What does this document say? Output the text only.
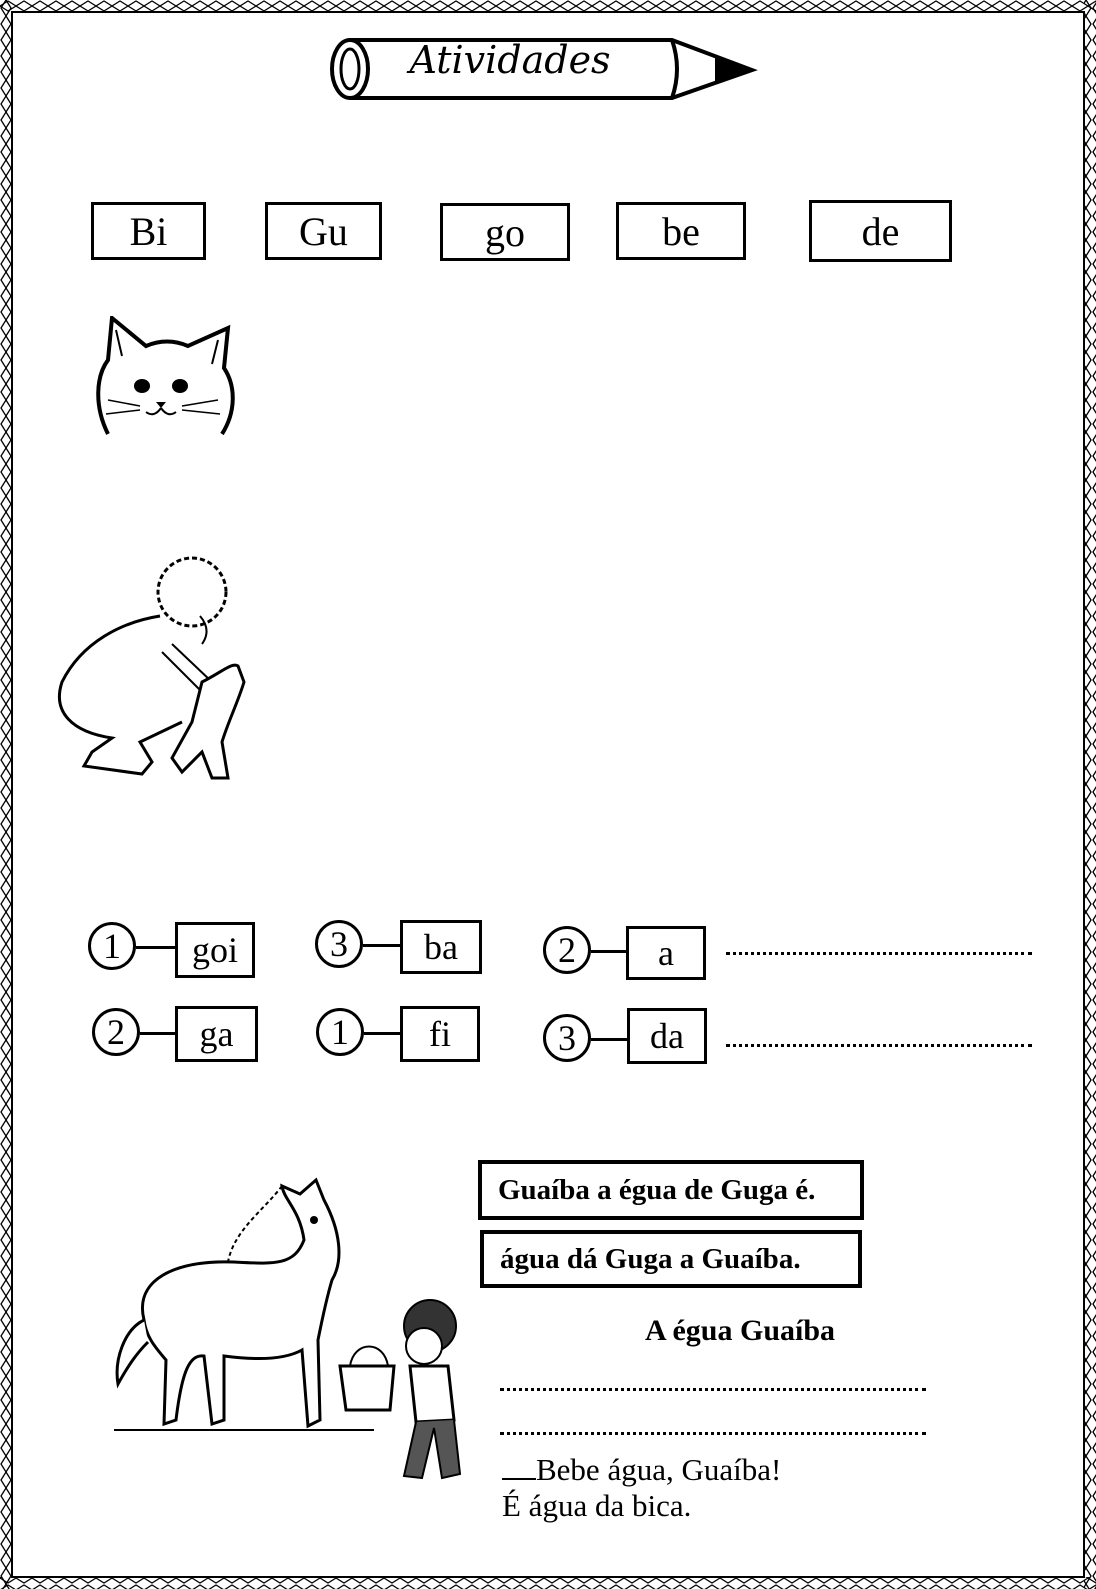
Atividades
Bi	Gu	go	be	de
1	goi	3	ba	2	a
2	ga	1	fi	3	da
Guaíba a égua de Guga é.
água dá Guga a Guaíba.
A égua Guaíba
Bebe água, Guaíba!
É água da bica.
